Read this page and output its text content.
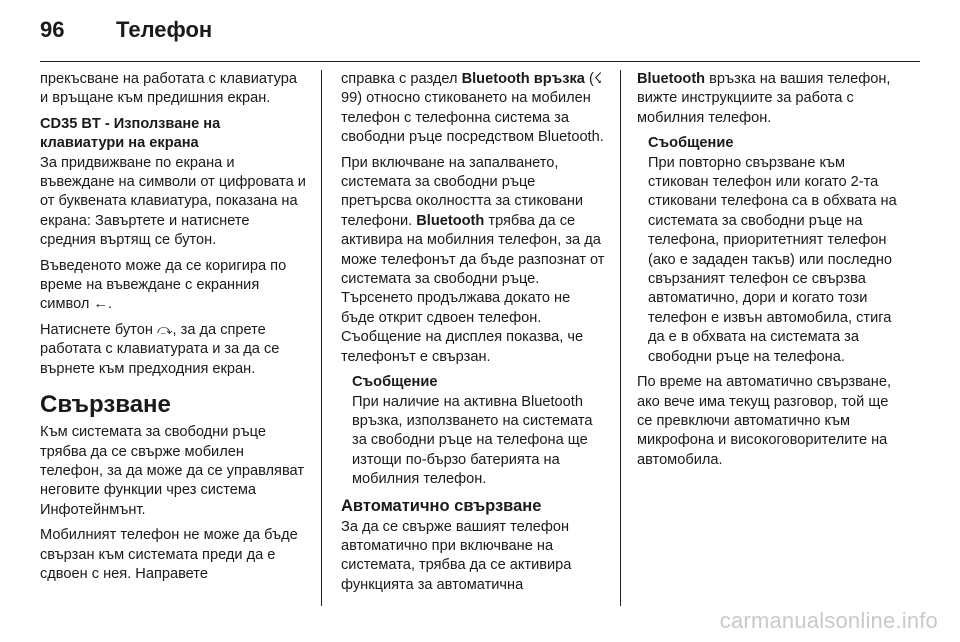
96	Телефон

прекъсване на работата с клавиатура и връщане към предишния екран.

CD35 BT - Използване на клавиатури на екрана

За придвижване по екрана и въвеждане на символи от цифровата и от буквената клавиатура, показана на екрана: Завъртете и натиснете средния въртящ се бутон.

Въведеното може да се коригира по време на въвеждане с екранния символ ←.

Натиснете бутон ⤼, за да спрете работата с клавиатурата и за да се върнете към предходния екран.

Свързване

Към системата за свободни ръце трябва да се свърже мобилен телефон, за да може да се управляват неговите функции чрез система Инфотейнмънт.

Мобилният телефон не може да бъде свързан към системата преди да е сдвоен с нея. Направете

справка с раздел Bluetooth връзка (☇ 99) относно стиковането на мобилен телефон с телефонна система за свободни ръце посредством Bluetooth.

При включване на запалването, системата за свободни ръце претърсва околността за стиковани телефони. Bluetooth трябва да се активира на мобилния телефон, за да може телефонът да бъде разпознат от системата за свободни ръце. Търсенето продължава докато не бъде открит сдвоен телефон. Съобщение на дисплея показва, че телефонът е свързан.

Съобщение

При наличие на активна Bluetooth връзка, използването на системата за свободни ръце на телефона ще изтощи по-бързо батерията на мобилния телефон.

Автоматично свързване

За да се свърже вашият телефон автоматично при включване на системата, трябва да се активира функцията за автоматична

Bluetooth връзка на вашия телефон, вижте инструкциите за работа с мобилния телефон.

Съобщение

При повторно свързване към стикован телефон или когато 2-та стиковани телефона са в обхвата на системата за свободни ръце на телефона, приоритетният телефон (ако е зададен такъв) или последно свързаният телефон се свързва автоматично, дори и когато този телефон е извън автомобила, стига да е в обхвата на системата за свободни ръце на телефона.

По време на автоматично свързване, ако вече има текущ разговор, той ще се превключи автоматично към микрофона и високоговорителите на автомобила.

carmanualsonline.info
